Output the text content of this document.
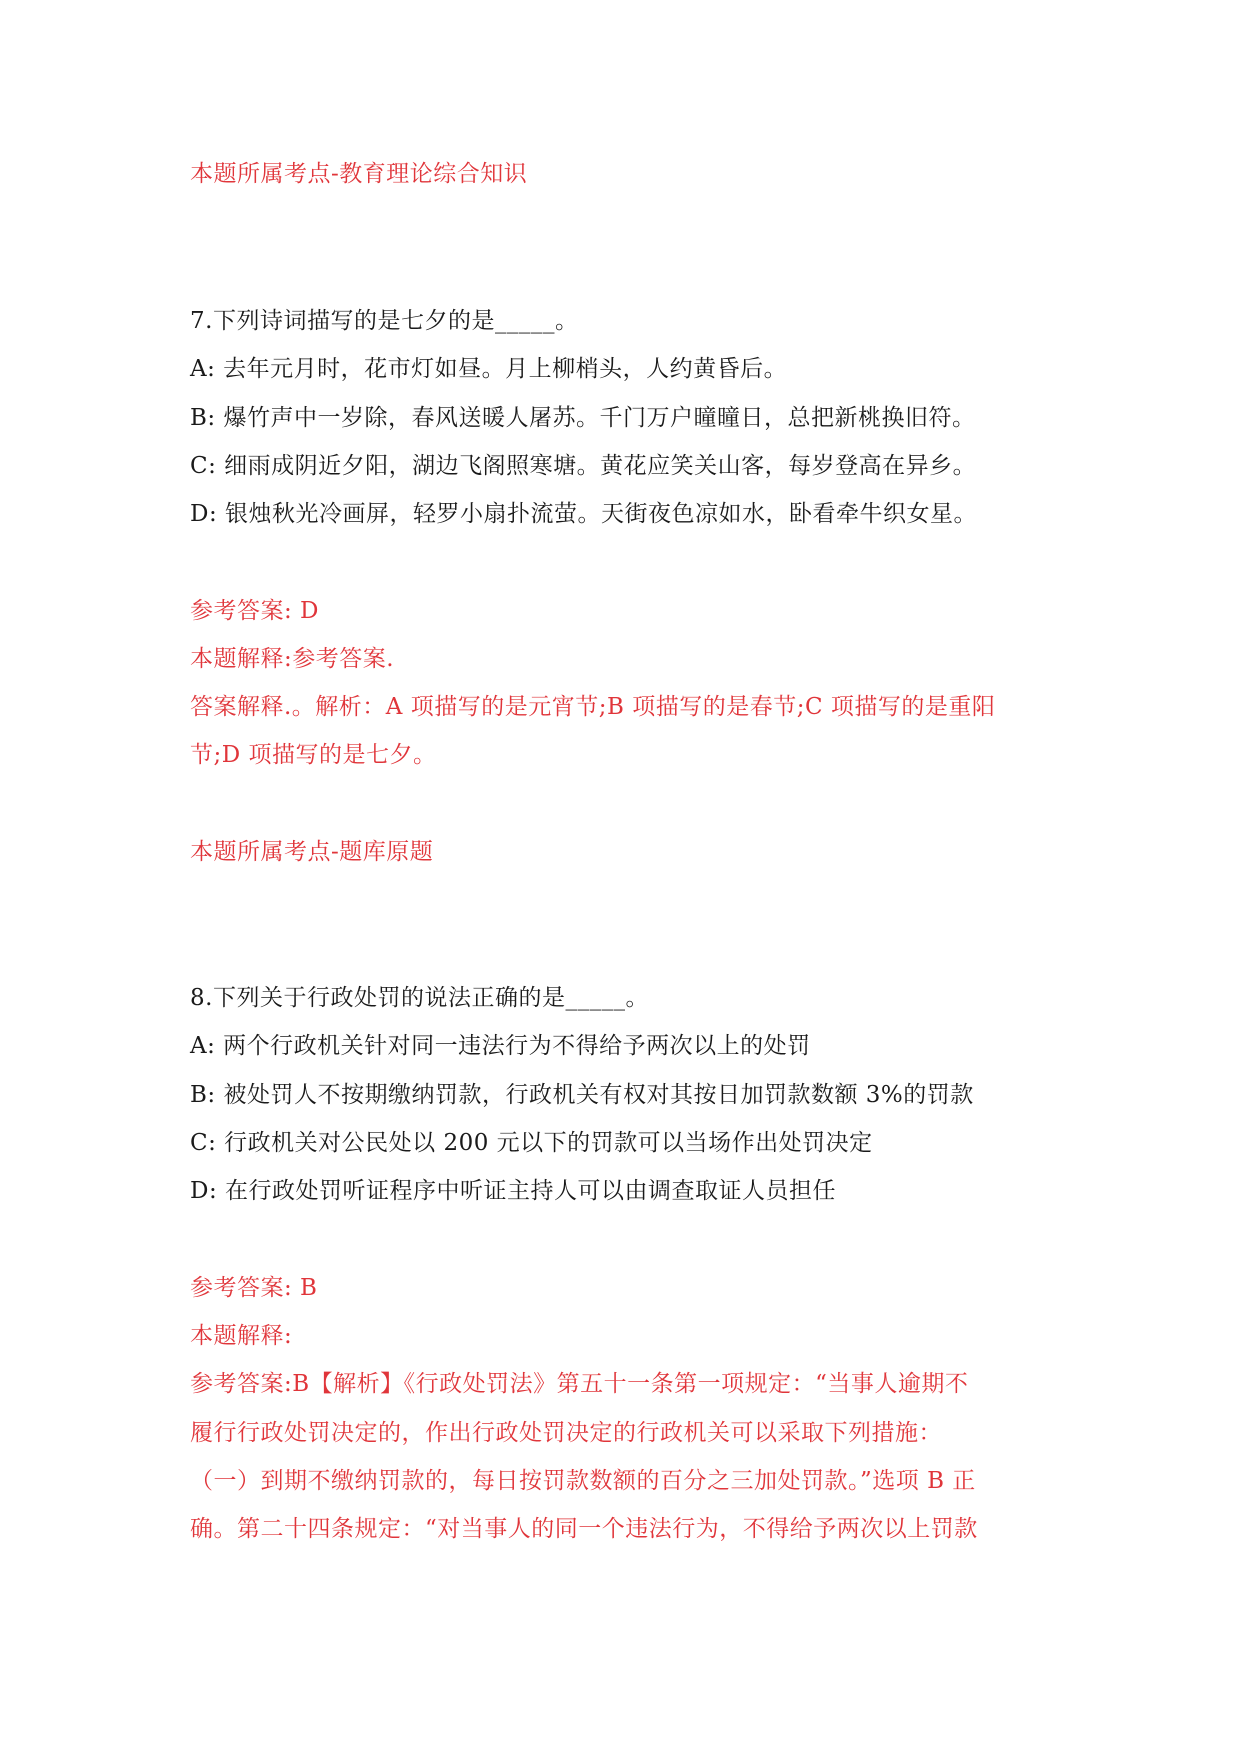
本题所属考点-教育理论综合知识
7.下列诗词描写的是七夕的是_____。
A: 去年元月时，花市灯如昼。月上柳梢头，人约黄昏后。
B: 爆竹声中一岁除，春风送暖人屠苏。千门万户曈曈日，总把新桃换旧符。
C: 细雨成阴近夕阳，湖边飞阁照寒塘。黄花应笑关山客，每岁登高在异乡。
D: 银烛秋光冷画屏，轻罗小扇扑流萤。天街夜色凉如水，卧看牵牛织女星。
参考答案: D
本题解释:参考答案.
答案解释.。解析：A 项描写的是元宵节;B 项描写的是春节;C 项描写的是重阳
节;D 项描写的是七夕。
本题所属考点-题库原题
8.下列关于行政处罚的说法正确的是_____。
A: 两个行政机关针对同一违法行为不得给予两次以上的处罚
B: 被处罚人不按期缴纳罚款，行政机关有权对其按日加罚款数额 3%的罚款
C: 行政机关对公民处以 200 元以下的罚款可以当场作出处罚决定
D: 在行政处罚听证程序中听证主持人可以由调查取证人员担任
参考答案: B
本题解释:
参考答案:B【解析】《行政处罚法》第五十一条第一项规定：“当事人逾期不
履行行政处罚决定的，作出行政处罚决定的行政机关可以采取下列措施：
（一）到期不缴纳罚款的，每日按罚款数额的百分之三加处罚款。”选项 B 正
确。第二十四条规定：“对当事人的同一个违法行为，不得给予两次以上罚款
